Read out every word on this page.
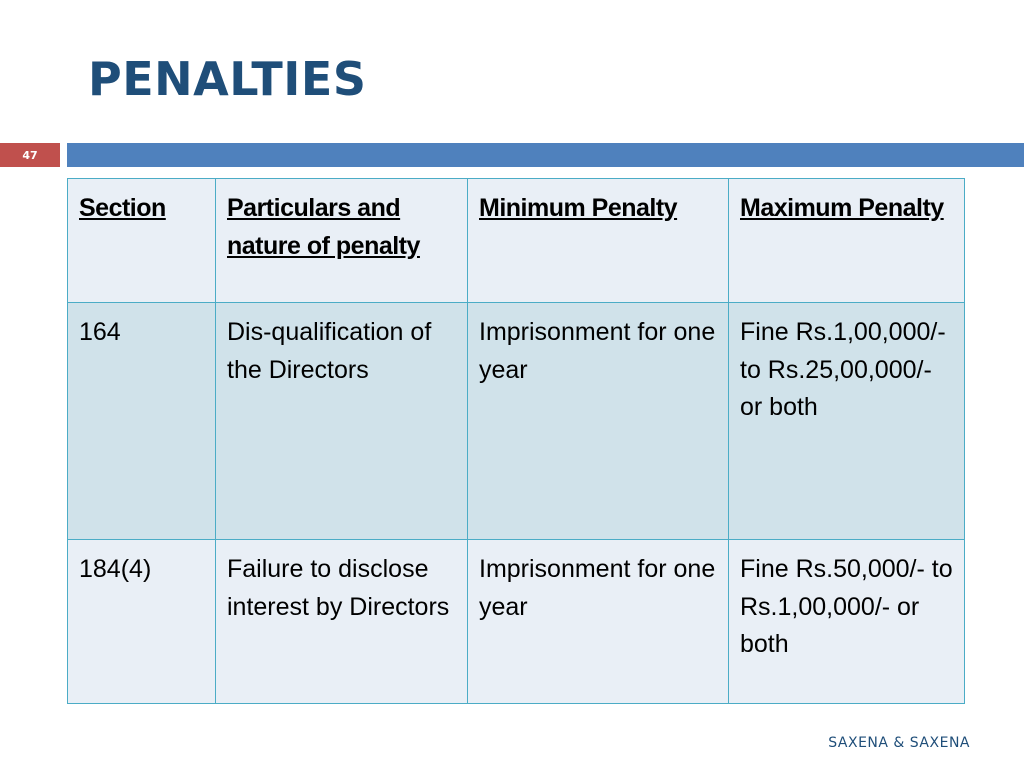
PENALTIES
47
Section	Particulars and nature of penalty	Minimum Penalty	Maximum Penalty
164	Dis-qualification of the Directors	Imprisonment for one year	Fine Rs.1,00,000/- to Rs.25,00,000/- or both
184(4)	Failure to disclose interest by Directors	Imprisonment for one year	Fine Rs.50,000/- to Rs.1,00,000/- or both
SAXENA & SAXENA
